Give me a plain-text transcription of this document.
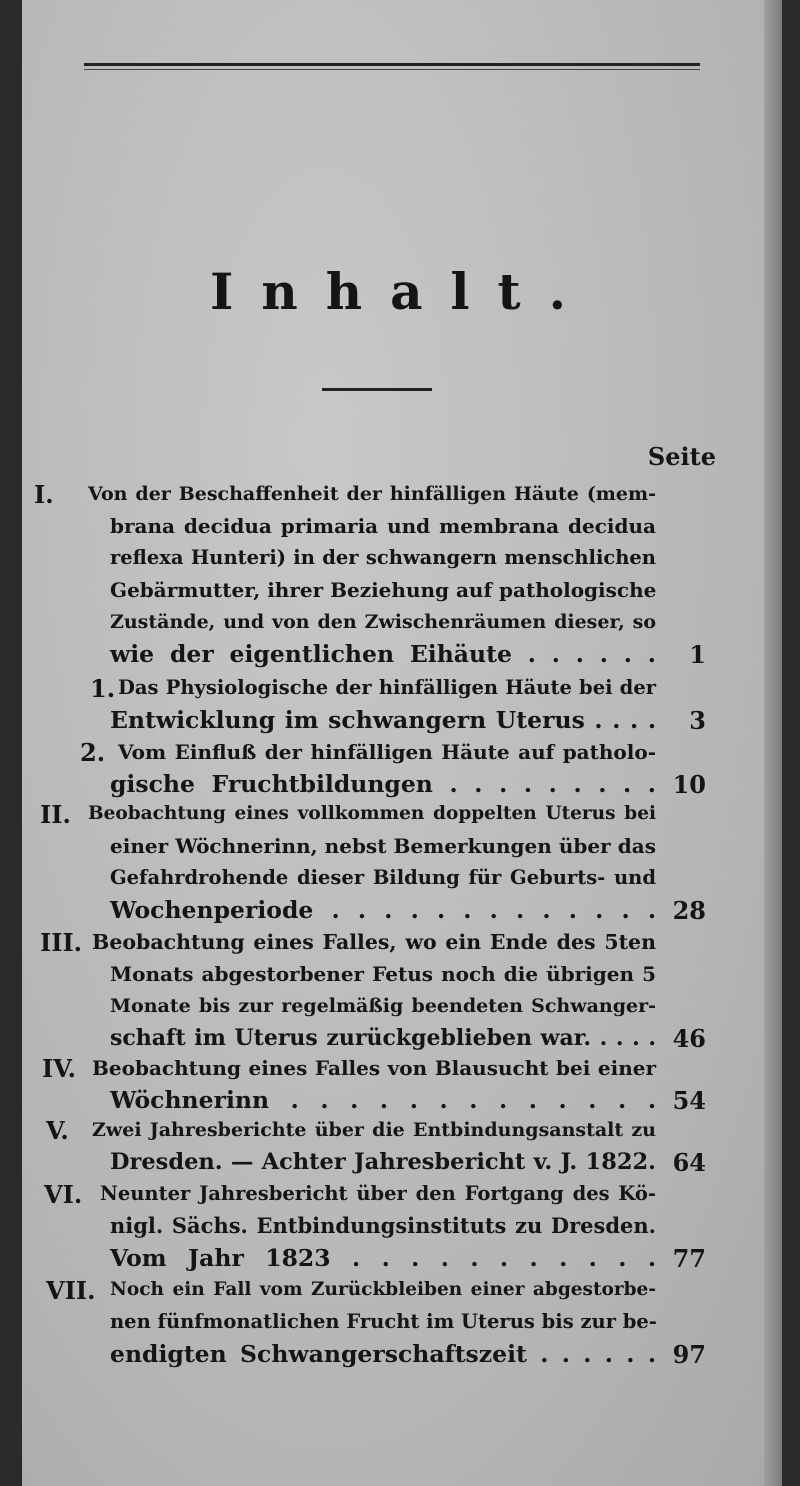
Inhalt.
Seite
I. Von der Beschaffenheit der hinfälligen Häute (mem-
brana decidua primaria und membrana decidua
reflexa Hunteri) in der schwangern menschlichen
Gebärmutter, ihrer Beziehung auf pathologische
Zustände, und von den Zwischenräumen dieser, so
wie der eigentlichen Eihäute . . . . . . 1
1. Das Physiologische der hinfälligen Häute bei der
Entwicklung im schwangern Uterus . . . . 3
2. Vom Einfluß der hinfälligen Häute auf patholo-
gische Fruchtbildungen . . . . . . . . . 10
II. Beobachtung eines vollkommen doppelten Uterus bei
einer Wöchnerinn, nebst Bemerkungen über das
Gefahrdrohende dieser Bildung für Geburts- und
Wochenperiode . . . . . . . . . . . . . 28
III. Beobachtung eines Falles, wo ein Ende des 5ten
Monats abgestorbener Fetus noch die übrigen 5
Monate bis zur regelmäßig beendeten Schwanger-
schaft im Uterus zurückgeblieben war. . . . . 46
IV. Beobachtung eines Falles von Blausucht bei einer
Wöchnerinn . . . . . . . . . . . . . 54
V. Zwei Jahresberichte über die Entbindungsanstalt zu
Dresden. — Achter Jahresbericht v. J. 1822. 64
VI. Neunter Jahresbericht über den Fortgang des Kö-
nigl. Sächs. Entbindungsinstituts zu Dresden.
Vom Jahr 1823 . . . . . . . . . . . 77
VII. Noch ein Fall vom Zurückbleiben einer abgestorbe-
nen fünfmonatlichen Frucht im Uterus bis zur be-
endigten Schwangerschaftszeit . . . . . . 97
